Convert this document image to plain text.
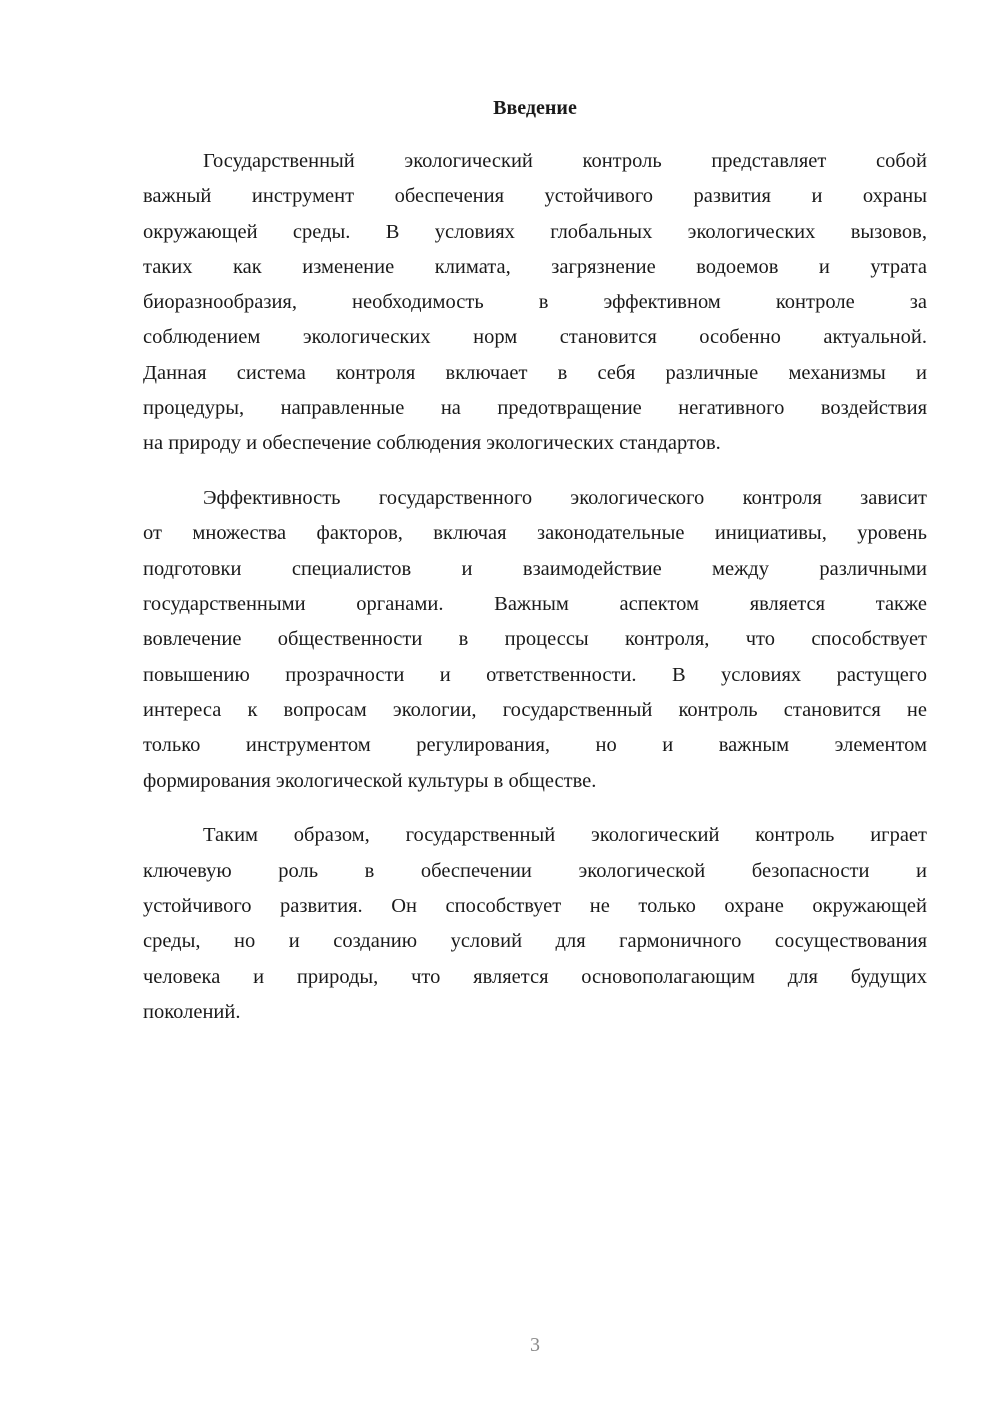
Введение
Государственный экологический контроль представляет собой
важный инструмент обеспечения устойчивого развития и охраны
окружающей среды. В условиях глобальных экологических вызовов,
таких как изменение климата, загрязнение водоемов и утрата
биоразнообразия, необходимость в эффективном контроле за
соблюдением экологических норм становится особенно актуальной.
Данная система контроля включает в себя различные механизмы и
процедуры, направленные на предотвращение негативного воздействия
на природу и обеспечение соблюдения экологических стандартов.
Эффективность государственного экологического контроля зависит
от множества факторов, включая законодательные инициативы, уровень
подготовки специалистов и взаимодействие между различными
государственными органами. Важным аспектом является также
вовлечение общественности в процессы контроля, что способствует
повышению прозрачности и ответственности. В условиях растущего
интереса к вопросам экологии, государственный контроль становится не
только инструментом регулирования, но и важным элементом
формирования экологической культуры в обществе.
Таким образом, государственный экологический контроль играет
ключевую роль в обеспечении экологической безопасности и
устойчивого развития. Он способствует не только охране окружающей
среды, но и созданию условий для гармоничного сосуществования
человека и природы, что является основополагающим для будущих
поколений.
3
